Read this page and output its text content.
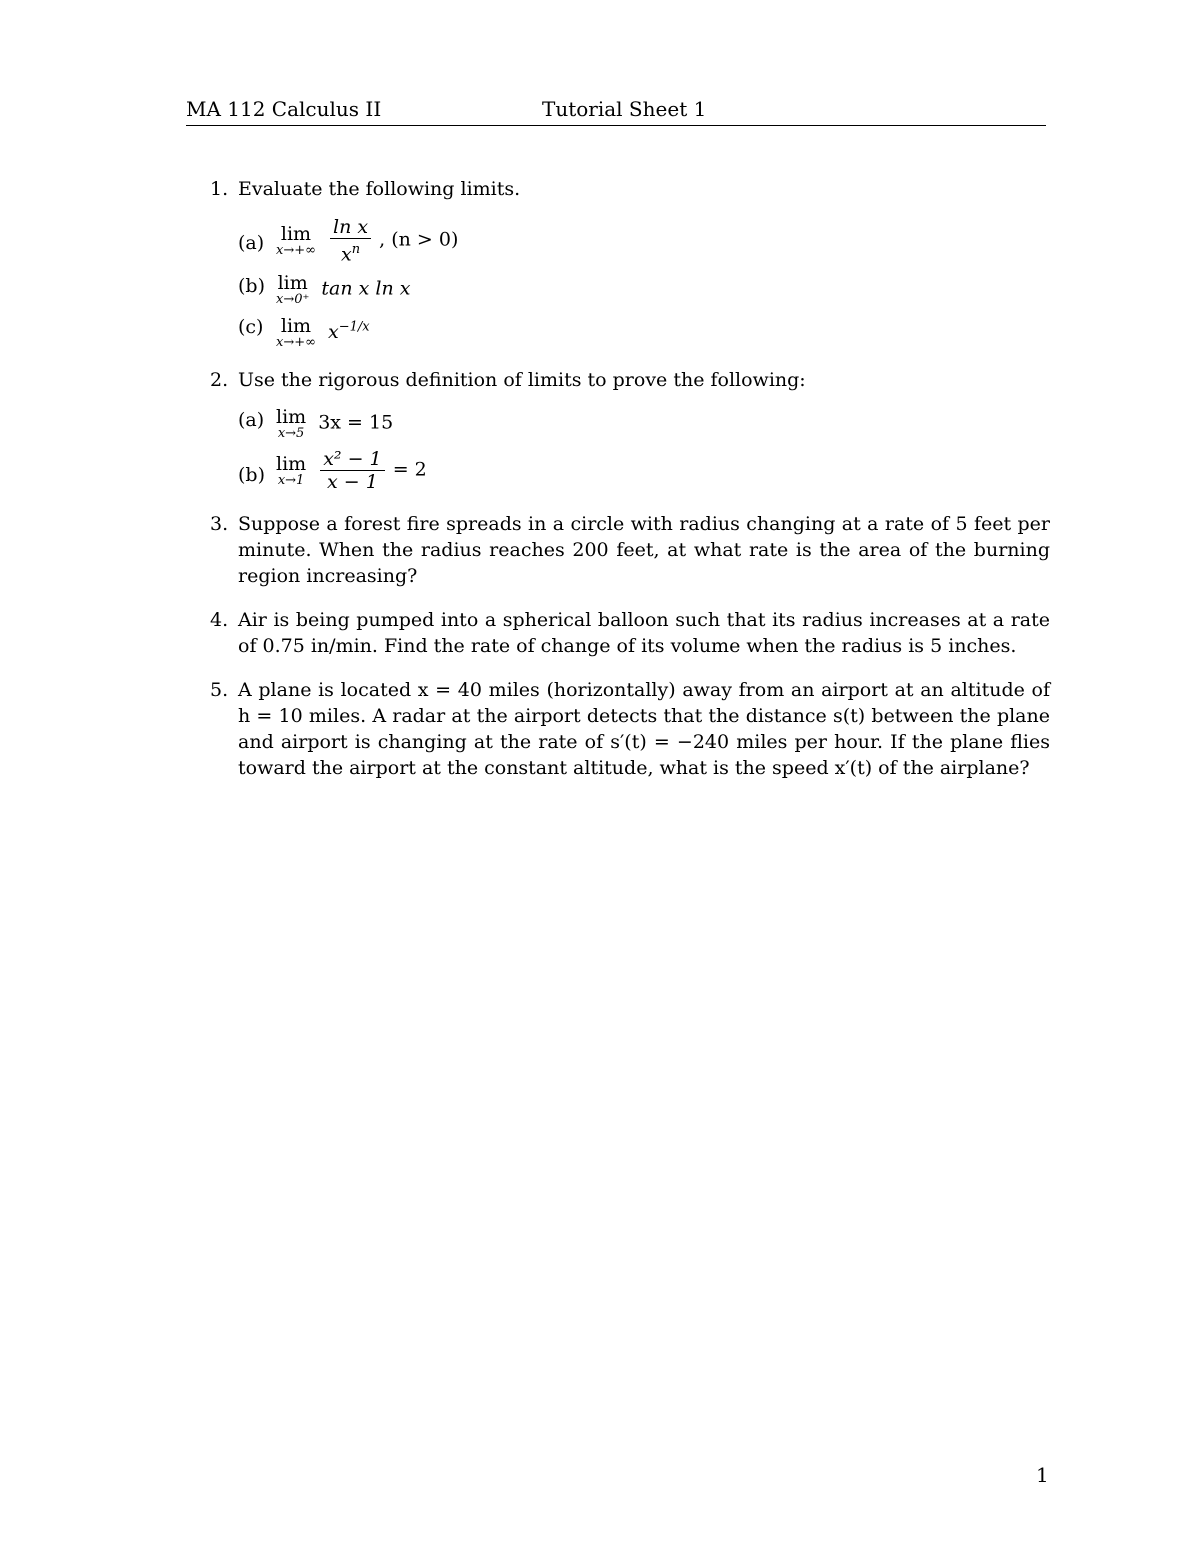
MA 112 Calculus II	Tutorial Sheet 1
1. Evaluate the following limits.
(a) lim
x→+∞
$\frac{\text{ln x}}{x^n}$ , (n > 0)
(b) lim
x→0⁺ tan x ln x
(c) lim
x→+∞ $x^{-1/x}$
2. Use the rigorous definition of limits to prove the following:
(a) lim
x→5 3x = 15
(b) lim
x→1
$\frac{\text{x² − 1}}{x - 1} = 2$
3. Suppose a forest fire spreads in a circle with radius changing at a rate of 5 feet per minute. When the radius reaches 200 feet, at what rate is the area of the burning region increasing?
4. Air is being pumped into a spherical balloon such that its radius increases at a rate of 0.75 in/min. Find the rate of change of its volume when the radius is 5 inches.
5. A plane is located x = 40 miles (horizontally) away from an airport at an altitude of h = 10 miles. A radar at the airport detects that the distance s(t) between the plane and airport is changing at the rate of s′(t) = −240 miles per hour. If the plane flies toward the airport at the constant altitude, what is the speed x′(t) of the airplane?
1
